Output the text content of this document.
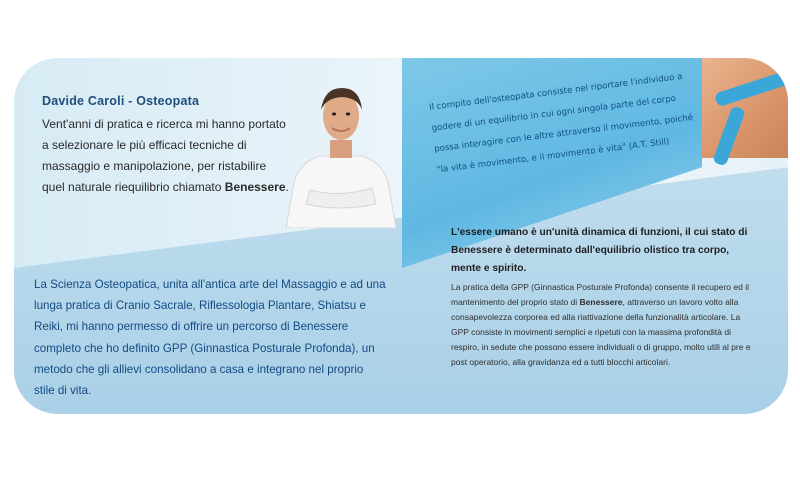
Davide Caroli - Osteopata
Vent'anni di pratica e ricerca mi hanno portato a selezionare le più efficaci tecniche di massaggio e manipolazione, per ristabilire quel naturale riequilibrio chiamato Benessere.
Il compito dell'osteopata consiste nel riportare l'individuo a godere di un equilibrio in cui ogni singola parte del corpo possa interagire con le altre attraverso il movimento, poiché "la vita è movimento, e il movimento è vita" (A.T. Still)
La Scienza Osteopatica, unita all'antica arte del Massaggio e ad una lunga pratica di Cranio Sacrale, Riflessologia Plantare, Shiatsu e Reiki, mi hanno permesso di offrire un percorso di Benessere completo che ho definito GPP (Ginnastica Posturale Profonda), un metodo che gli allievi consolidano a casa e integrano nel proprio stile di vita.
L'essere umano è un'unità dinamica di funzioni, il cui stato di Benessere è determinato dall'equilibrio olistico tra corpo, mente e spirito.
La pratica della GPP (Ginnastica Posturale Profonda) consente il recupero ed il mantenimento del proprio stato di Benessere, attraverso un lavoro volto alla consapevolezza corporea ed alla riattivazione della funzionalità articolare. La GPP consiste in movimenti semplici e ripetuti con la massima profondità di respiro, in sedute che possono essere individuali o di gruppo, molto utili al pre e post operatorio, alla gravidanza ed a tutti blocchi articolari.
